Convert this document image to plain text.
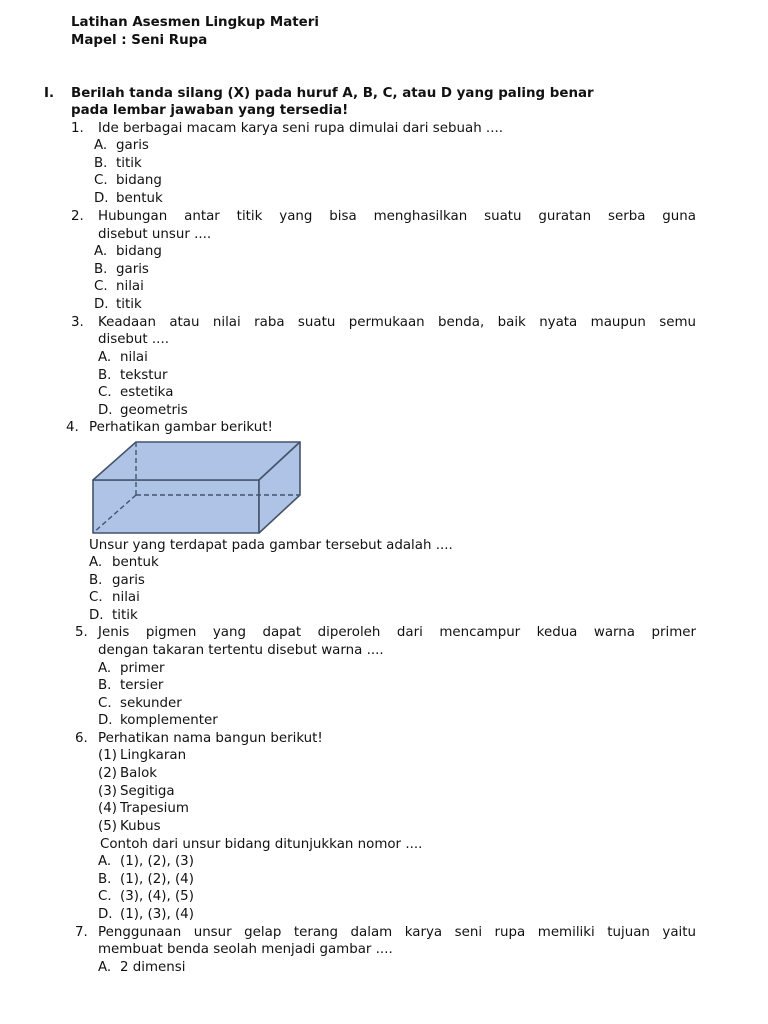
Latihan Asesmen Lingkup Materi
Mapel : Seni Rupa
I. Berilah tanda silang (X) pada huruf A, B, C, atau D yang paling benar
pada lembar jawaban yang tersedia!
1. Ide berbagai macam karya seni rupa dimulai dari sebuah ....
A. garis
B. titik
C. bidang
D. bentuk
2. Hubungan antar titik yang bisa menghasilkan suatu guratan serba guna
disebut unsur ....
A. bidang
B. garis
C. nilai
D. titik
3. Keadaan atau nilai raba suatu permukaan benda, baik nyata maupun semu
disebut ....
A. nilai
B. tekstur
C. estetika
D. geometris
4. Perhatikan gambar berikut!
Unsur yang terdapat pada gambar tersebut adalah ....
A. bentuk
B. garis
C. nilai
D. titik
5. Jenis pigmen yang dapat diperoleh dari mencampur kedua warna primer
dengan takaran tertentu disebut warna ....
A. primer
B. tersier
C. sekunder
D. komplementer
6. Perhatikan nama bangun berikut!
(1) Lingkaran
(2) Balok
(3) Segitiga
(4) Trapesium
(5) Kubus
Contoh dari unsur bidang ditunjukkan nomor ....
A. (1), (2), (3)
B. (1), (2), (4)
C. (3), (4), (5)
D. (1), (3), (4)
7. Penggunaan unsur gelap terang dalam karya seni rupa memiliki tujuan yaitu
membuat benda seolah menjadi gambar ....
A. 2 dimensi
